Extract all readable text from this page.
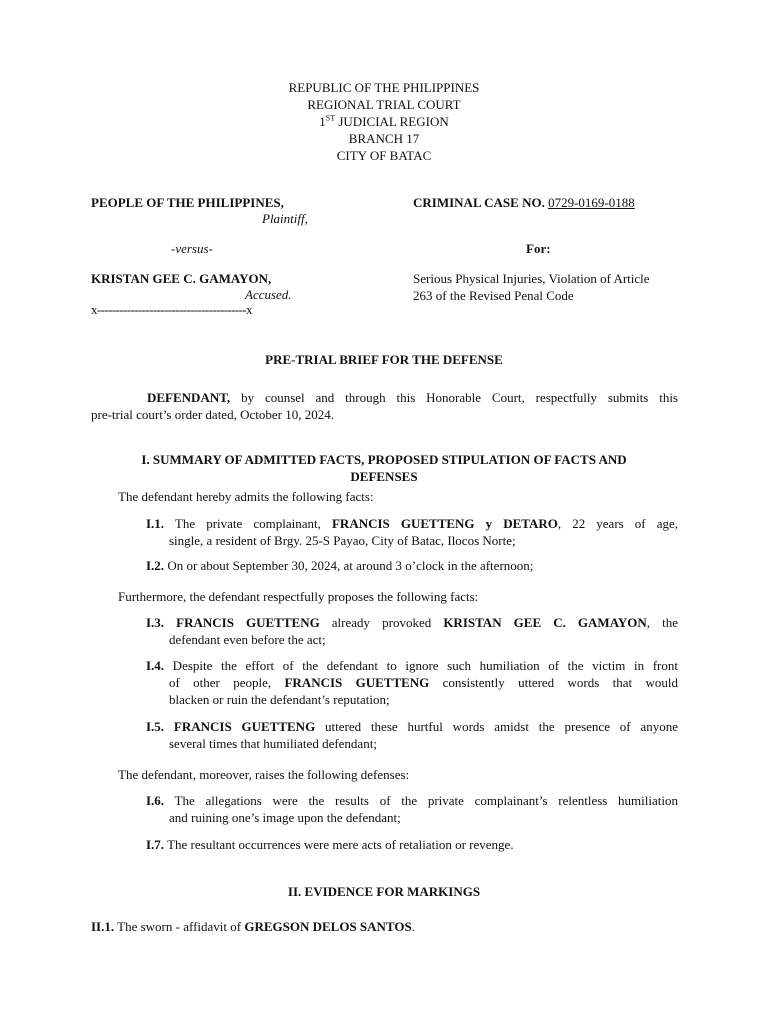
REPUBLIC OF THE PHILIPPINES
REGIONAL TRIAL COURT
1ST JUDICIAL REGION
BRANCH 17
CITY OF BATAC
PEOPLE OF THE PHILIPPINES,
Plaintiff,
-versus-
KRISTAN GEE C. GAMAYON,
Accused.
x----------------------------------------x
CRIMINAL CASE NO. 0729-0169-0188
For:
Serious Physical Injuries, Violation of Article
263 of the Revised Penal Code
PRE-TRIAL BRIEF FOR THE DEFENSE
DEFENDANT, by counsel and through this Honorable Court, respectfully submits this
pre-trial court’s order dated, October 10, 2024.
I. SUMMARY OF ADMITTED FACTS, PROPOSED STIPULATION OF FACTS AND
DEFENSES
The defendant hereby admits the following facts:
I.1. The private complainant, FRANCIS GUETTENG y DETARO, 22 years of age,
single, a resident of Brgy. 25-S Payao, City of Batac, Ilocos Norte;
I.2. On or about September 30, 2024, at around 3 o’clock in the afternoon;
Furthermore, the defendant respectfully proposes the following facts:
I.3. FRANCIS GUETTENG already provoked KRISTAN GEE C. GAMAYON, the
defendant even before the act;
I.4. Despite the effort of the defendant to ignore such humiliation of the victim in front
of other people, FRANCIS GUETTENG consistently uttered words that would
blacken or ruin the defendant’s reputation;
I.5. FRANCIS GUETTENG uttered these hurtful words amidst the presence of anyone
several times that humiliated defendant;
The defendant, moreover, raises the following defenses:
I.6. The allegations were the results of the private complainant’s relentless humiliation
and ruining one’s image upon the defendant;
I.7. The resultant occurrences were mere acts of retaliation or revenge.
II. EVIDENCE FOR MARKINGS
II.1. The sworn - affidavit of GREGSON DELOS SANTOS.
